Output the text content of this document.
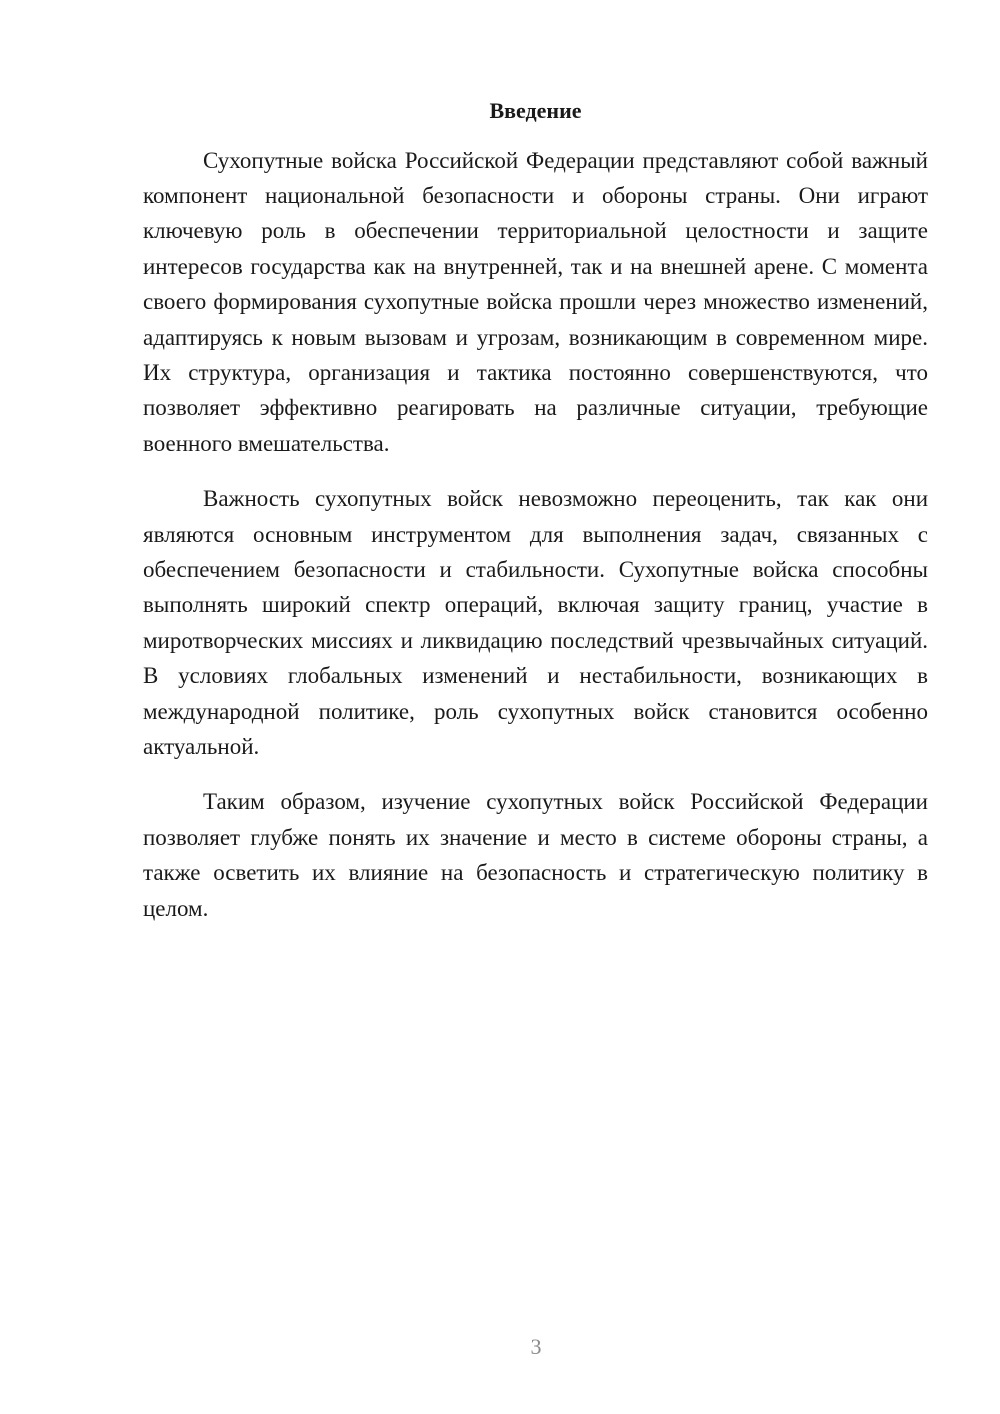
Введение

Сухопутные войска Российской Федерации представляют собой важный компонент национальной безопасности и обороны страны. Они играют ключевую роль в обеспечении территориальной целостности и защите интересов государства как на внутренней, так и на внешней арене. С момента своего формирования сухопутные войска прошли через множество изменений, адаптируясь к новым вызовам и угрозам, возникающим в современном мире. Их структура, организация и тактика постоянно совершенствуются, что позволяет эффективно реагировать на различные ситуации, требующие военного вмешательства.

Важность сухопутных войск невозможно переоценить, так как они являются основным инструментом для выполнения задач, связанных с обеспечением безопасности и стабильности. Сухопутные войска способны выполнять широкий спектр операций, включая защиту границ, участие в миротворческих миссиях и ликвидацию последствий чрезвычайных ситуаций. В условиях глобальных изменений и нестабильности, возникающих в международной политике, роль сухопутных войск становится особенно актуальной.

Таким образом, изучение сухопутных войск Российской Федерации позволяет глубже понять их значение и место в системе обороны страны, а также осветить их влияние на безопасность и стратегическую политику в целом.

3
